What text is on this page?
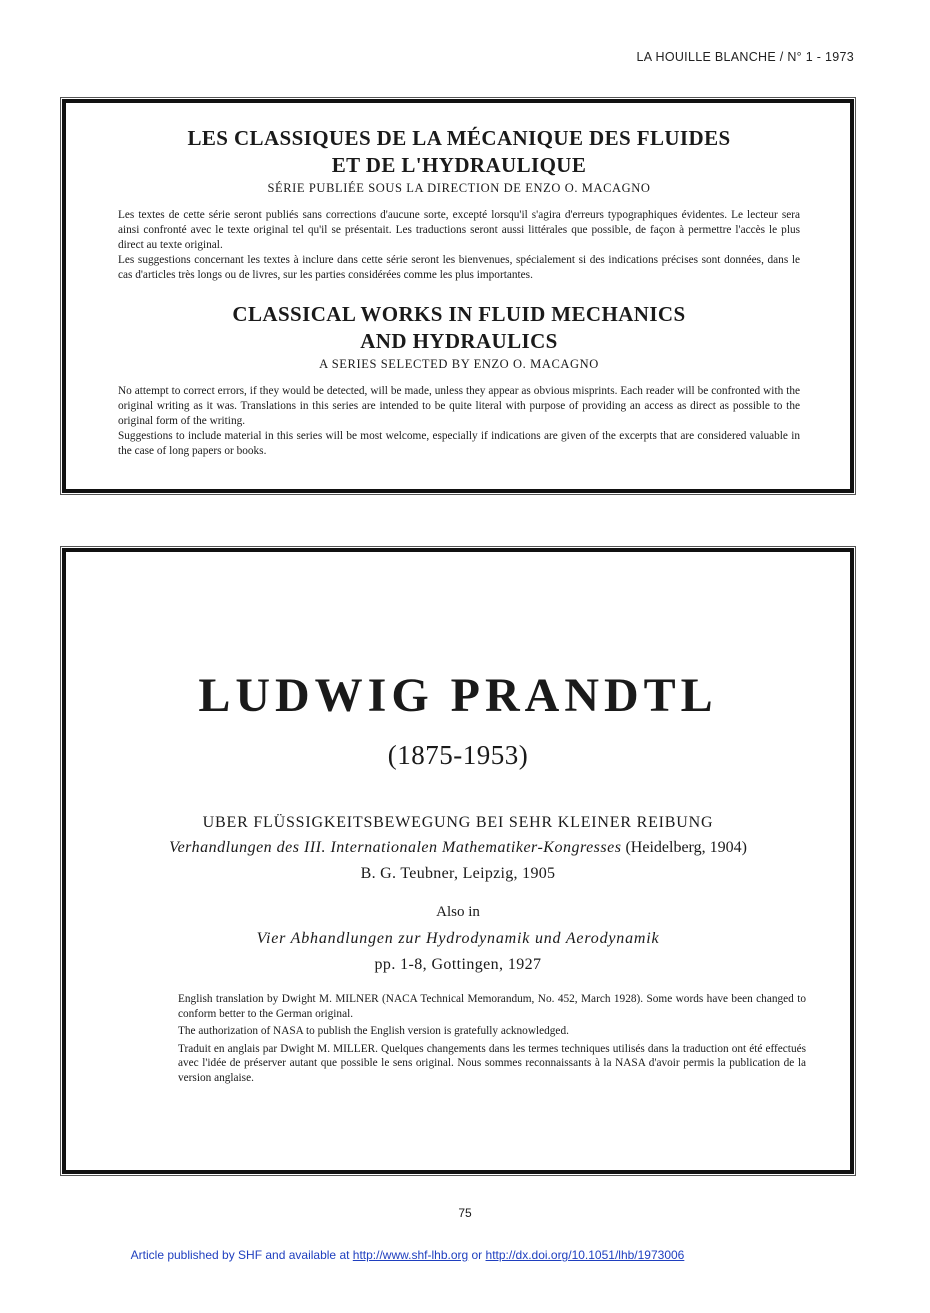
LA HOUILLE BLANCHE / N° 1 - 1973
LES CLASSIQUES DE LA MÉCANIQUE DES FLUIDES
ET DE L'HYDRAULIQUE
SÉRIE PUBLIÉE SOUS LA DIRECTION DE ENZO O. MACAGNO

Les textes de cette série seront publiés sans corrections d'aucune sorte, excepté lorsqu'il s'agira d'erreurs typographiques évidentes. Le lecteur sera ainsi confronté avec le texte original tel qu'il se présentait. Les traductions seront aussi littérales que possible, de façon à permettre l'accès le plus direct au texte original.

Les suggestions concernant les textes à inclure dans cette série seront les bienvenues, spécialement si des indications précises sont données, dans le cas d'articles très longs ou de livres, sur les parties considérées comme les plus importantes.

CLASSICAL WORKS IN FLUID MECHANICS
AND HYDRAULICS
A SERIES SELECTED BY ENZO O. MACAGNO

No attempt to correct errors, if they would be detected, will be made, unless they appear as obvious misprints. Each reader will be confronted with the original writing as it was. Translations in this series are intended to be quite literal with purpose of providing an access as direct as possible to the original form of the writing.

Suggestions to include material in this series will be most welcome, especially if indications are given of the excerpts that are considered valuable in the case of long papers or books.

LUDWIG PRANDTL
(1875-1953)
UBER FLÜSSIGKEITSBEWEGUNG BEI SEHR KLEINER REIBUNG
Verhandlungen des III. Internationalen Mathematiker-Kongresses (Heidelberg, 1904)
B. G. Teubner, Leipzig, 1905
Also in
Vier Abhandlungen zur Hydrodynamik und Aerodynamik
pp. 1-8, Gottingen, 1927

English translation by Dwight M. MILNER (NACA Technical Memorandum, No. 452, March 1928). Some words have been changed to conform better to the German original.

The authorization of NASA to publish the English version is gratefully acknowledged.

Traduit en anglais par Dwight M. MILLER. Quelques changements dans les termes techniques utilisés dans la traduction ont été effectués avec l'idée de préserver autant que possible le sens original. Nous sommes reconnaissants à la NASA d'avoir permis la publication de la version anglaise.

75
Article published by SHF and available at http://www.shf-lhb.org or http://dx.doi.org/10.1051/lhb/1973006
